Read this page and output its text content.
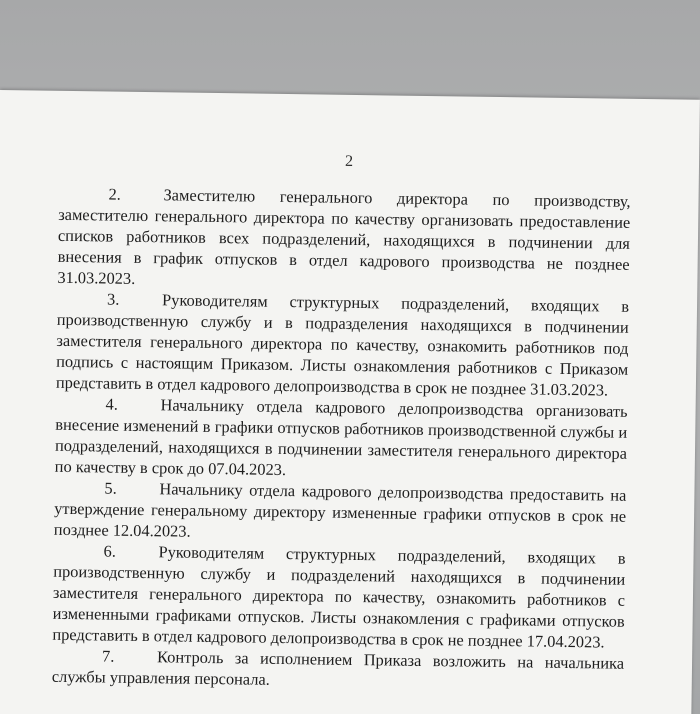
2

2.	Заместителю генерального директора по производству, заместителю генерального директора по качеству организовать предоставление списков работников всех подразделений, находящихся в подчинении для внесения в график отпусков в отдел кадрового производства не позднее 31.03.2023.

3.	Руководителям структурных подразделений, входящих в производственную службу и в подразделения находящихся в подчинении заместителя генерального директора по качеству, ознакомить работников под подпись с настоящим Приказом. Листы ознакомления работников с Приказом представить в отдел кадрового делопроизводства в срок не позднее 31.03.2023.

4.	Начальнику отдела кадрового делопроизводства организовать внесение изменений в графики отпусков работников производственной службы и подразделений, находящихся в подчинении заместителя генерального директора по качеству в срок до 07.04.2023.

5.	Начальнику отдела кадрового делопроизводства предоставить на утверждение генеральному директору измененные графики отпусков в срок не позднее 12.04.2023.

6.	Руководителям структурных подразделений, входящих в производственную службу и подразделений находящихся в подчинении заместителя генерального директора по качеству, ознакомить работников с измененными графиками отпусков. Листы ознакомления с графиками отпусков представить в отдел кадрового делопроизводства в срок не позднее 17.04.2023.

7.	Контроль за исполнением Приказа возложить на начальника службы управления персонала.
